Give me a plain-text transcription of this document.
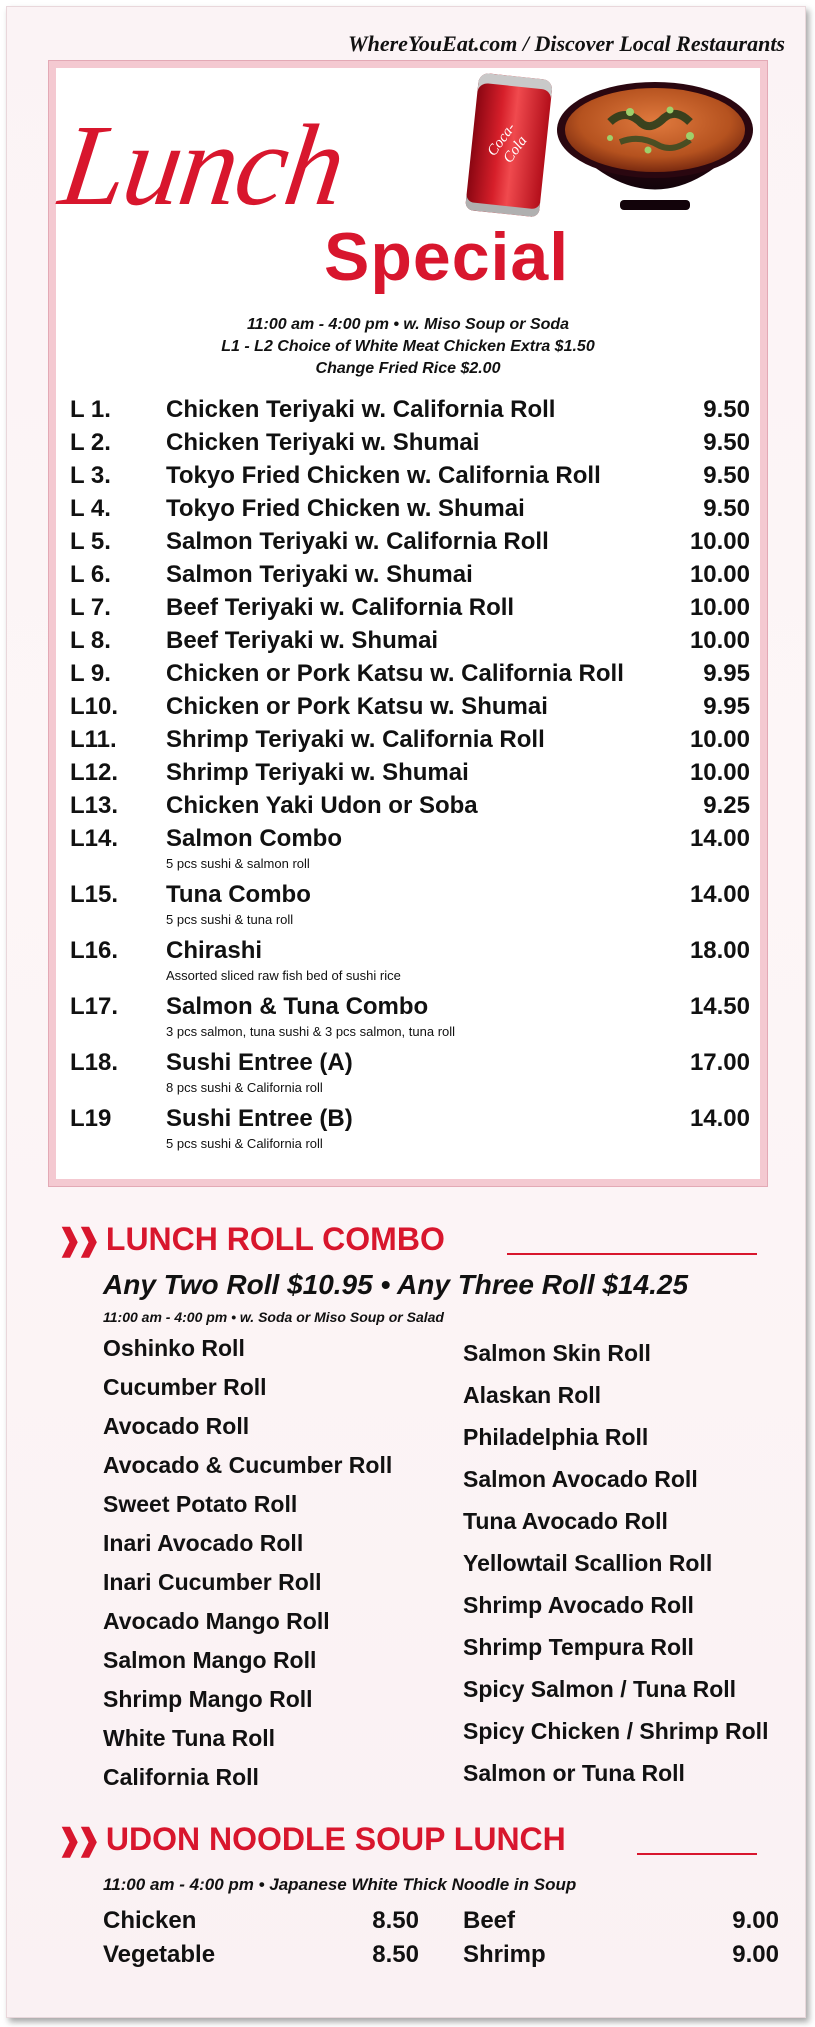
WhereYouEat.com / Discover Local Restaurants
Lunch	Coca-Cola
Special
11:00 am - 4:00 pm • w. Miso Soup or Soda
L1 - L2 Choice of White Meat Chicken Extra $1.50
Change Fried Rice $2.00
L 1. Chicken Teriyaki w. California Roll	9.50
L 2. Chicken Teriyaki w. Shumai	9.50
L 3. Tokyo Fried Chicken w. California Roll	9.50
L 4. Tokyo Fried Chicken w. Shumai	9.50
L 5. Salmon Teriyaki w. California Roll	10.00
L 6. Salmon Teriyaki w. Shumai	10.00
L 7. Beef Teriyaki w. California Roll	10.00
L 8. Beef Teriyaki w. Shumai	10.00
L 9. Chicken or Pork Katsu w. California Roll	9.95
L10. Chicken or Pork Katsu w. Shumai	9.95
L11. Shrimp Teriyaki w. California Roll	10.00
L12. Shrimp Teriyaki w. Shumai	10.00
L13. Chicken Yaki Udon or Soba	9.25
L14. Salmon Combo	14.00
5 pcs sushi & salmon roll
L15. Tuna Combo	14.00
5 pcs sushi & tuna roll
L16. Chirashi	18.00
Assorted sliced raw fish bed of sushi rice
L17. Salmon & Tuna Combo	14.50
3 pcs salmon, tuna sushi & 3 pcs salmon, tuna roll
L18. Sushi Entree (A)	17.00
8 pcs sushi & California roll
L19 Sushi Entree (B)	14.00
5 pcs sushi & California roll
❱❱ LUNCH ROLL COMBO
Any Two Roll $10.95 • Any Three Roll $14.25
11:00 am - 4:00 pm • w. Soda or Miso Soup or Salad
Oshinko Roll
Cucumber Roll
Avocado Roll
Avocado & Cucumber Roll
Sweet Potato Roll
Inari Avocado Roll
Inari Cucumber Roll
Avocado Mango Roll
Salmon Mango Roll
Shrimp Mango Roll
White Tuna Roll
California Roll
Salmon Skin Roll
Alaskan Roll
Philadelphia Roll
Salmon Avocado Roll
Tuna Avocado Roll
Yellowtail Scallion Roll
Shrimp Avocado Roll
Shrimp Tempura Roll
Spicy Salmon / Tuna Roll
Spicy Chicken / Shrimp Roll
Salmon or Tuna Roll
❱❱ UDON NOODLE SOUP LUNCH
11:00 am - 4:00 pm • Japanese White Thick Noodle in Soup
Chicken	8.50
Vegetable	8.50
Beef	9.00
Shrimp	9.00
